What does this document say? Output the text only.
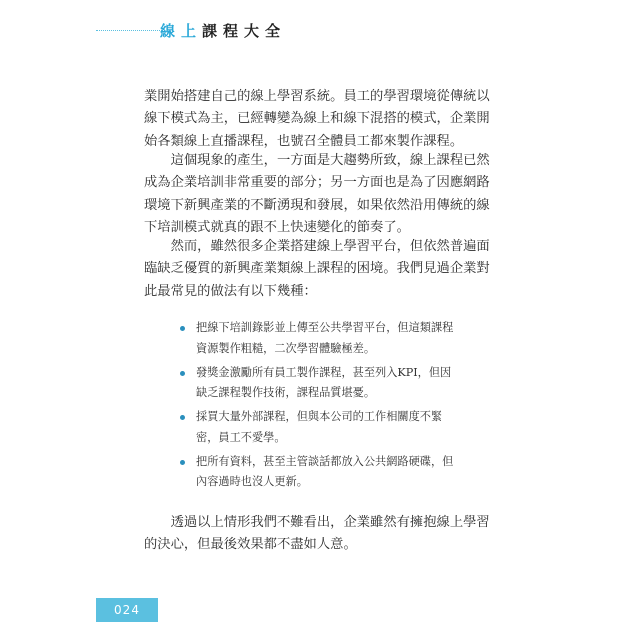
線上課程大全

業開始搭建自己的線上學習系統。員工的學習環境從傳統以
線下模式為主，已經轉變為線上和線下混搭的模式，企業開
始各類線上直播課程，也號召全體員工都來製作課程。

　　這個現象的產生，一方面是大趨勢所致，線上課程已然
成為企業培訓非常重要的部分；另一方面也是為了因應網路
環境下新興產業的不斷湧現和發展，如果依然沿用傳統的線
下培訓模式就真的跟不上快速變化的節奏了。

　　然而，雖然很多企業搭建線上學習平台，但依然普遍面
臨缺乏優質的新興產業類線上課程的困境。我們見過企業對
此最常見的做法有以下幾種：

把線下培訓錄影並上傳至公共學習平台，但這類課程
資源製作粗糙，二次學習體驗極差。
發獎金激勵所有員工製作課程，甚至列入KPI，但因
缺乏課程製作技術，課程品質堪憂。
採買大量外部課程，但與本公司的工作相關度不緊
密，員工不愛學。
把所有資料，甚至主管談話都放入公共網路硬碟，但
內容過時也沒人更新。

　　透過以上情形我們不難看出，企業雖然有擁抱線上學習
的決心，但最後效果都不盡如人意。

024
